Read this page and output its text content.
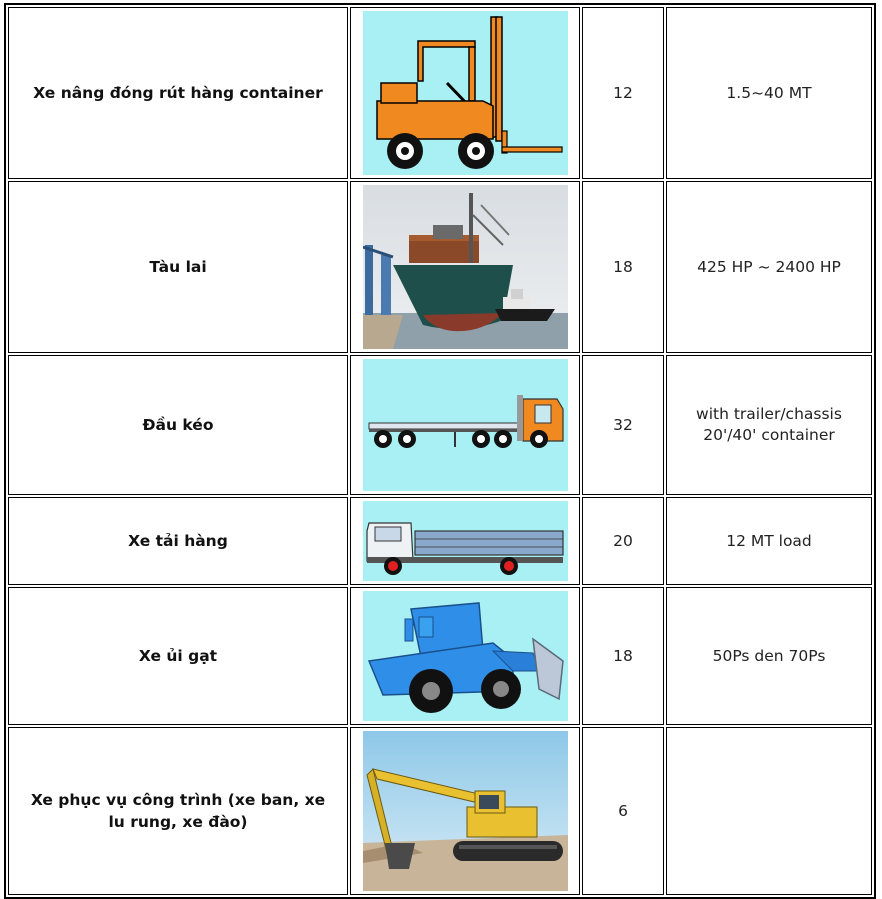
Xe nâng đóng rút hàng container		12	1.5~40 MT
Tàu lai		18	425 HP ~ 2400 HP
Đầu kéo		32	with trailer/chassis
20'/40' container

Xe tải hàng		20	12 MT load
Xe ủi gạt		18	50Ps den 70Ps

Xe phục vụ công trình (xe ban, xe
lu rung, xe đào)		6	
